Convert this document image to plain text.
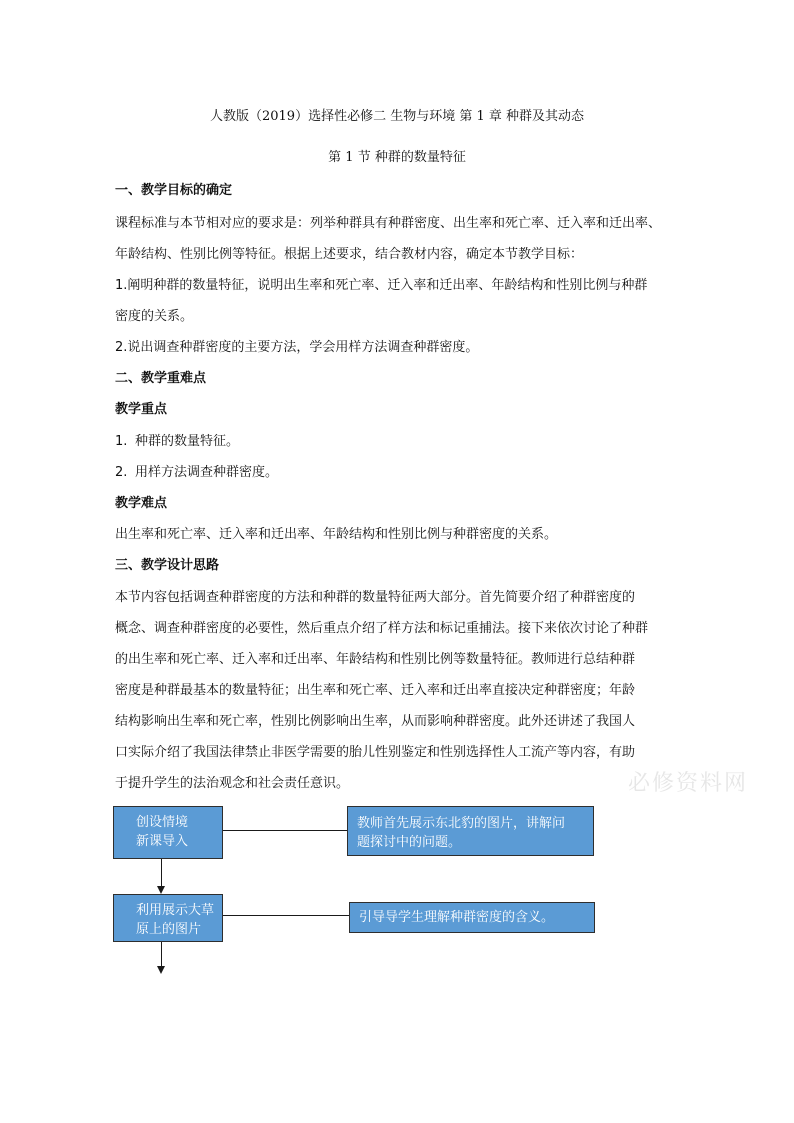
人教版（2019）选择性必修二 生物与环境 第 1 章 种群及其动态
第 1 节 种群的数量特征
一、教学目标的确定
课程标准与本节相对应的要求是：列举种群具有种群密度、出生率和死亡率、迁入率和迁出率、
年龄结构、性别比例等特征。根据上述要求，结合教材内容，确定本节教学目标：
1.阐明种群的数量特征，说明出生率和死亡率、迁入率和迁出率、年龄结构和性别比例与种群
密度的关系。
2.说出调查种群密度的主要方法，学会用样方法调查种群密度。
二、教学重难点
教学重点
1. 种群的数量特征。
2. 用样方法调查种群密度。
教学难点
出生率和死亡率、迁入率和迁出率、年龄结构和性别比例与种群密度的关系。
三、教学设计思路
本节内容包括调查种群密度的方法和种群的数量特征两大部分。首先简要介绍了种群密度的
概念、调查种群密度的必要性，然后重点介绍了样方法和标记重捕法。接下来依次讨论了种群
的出生率和死亡率、迁入率和迁出率、年龄结构和性别比例等数量特征。教师进行总结种群
密度是种群最基本的数量特征；出生率和死亡率、迁入率和迁出率直接决定种群密度；年龄
结构影响出生率和死亡率，性别比例影响出生率，从而影响种群密度。此外还讲述了我国人
口实际介绍了我国法律禁止非医学需要的胎儿性别鉴定和性别选择性人工流产等内容，有助
于提升学生的法治观念和社会责任意识。	必修资料网
创设情境
新课导入
教师首先展示东北豹的图片，讲解问
题探讨中的问题。
利用展示大草
原上的图片
引导导学生理解种群密度的含义。
